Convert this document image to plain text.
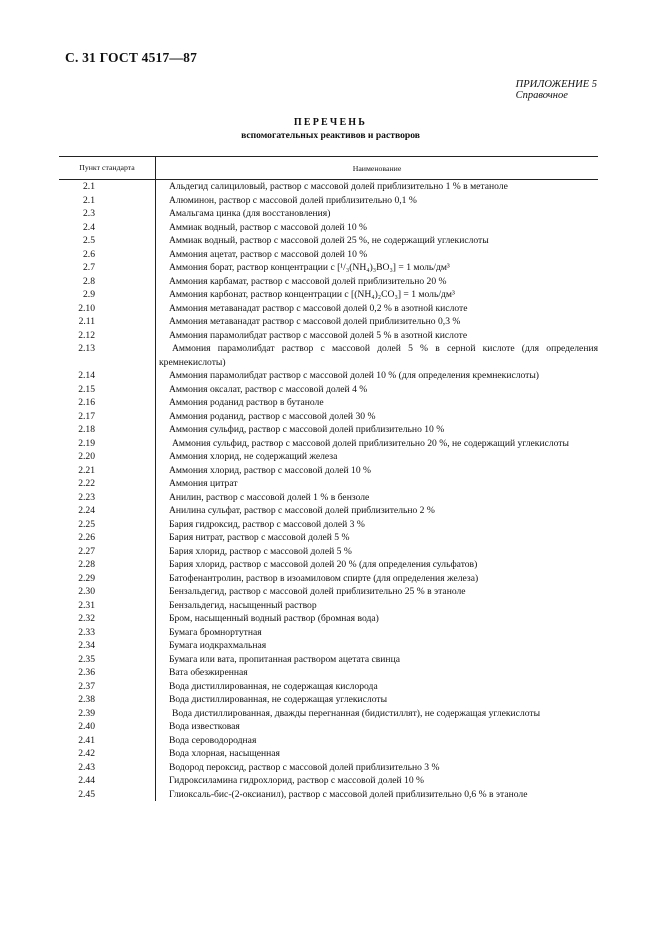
С. 31 ГОСТ 4517—87
ПРИЛОЖЕНИЕ 5
Справочное
ПЕРЕЧЕНЬ
вспомогательных реактивов и растворов
Пункт стандарта	Наименование
2.1	Альдегид салициловый, раствор с массовой долей приблизительно 1 % в метаноле
2.1	Алюминон, раствор с массовой долей приблизительно 0,1 %
2.3	Амальгама цинка (для восстановления)
2.4	Аммиак водный, раствор с массовой долей 10 %
2.5	Аммиак водный, раствор с массовой долей 25 %, не содержащий углекислоты
2.6	Аммония ацетат, раствор с массовой долей 10 %
2.7	Аммония борат, раствор концентрации c [¹/₃(NH₄)₃BO₃] = 1 моль/дм³
2.8	Аммония карбамат, раствор с массовой долей приблизительно 20 %
2.9	Аммония карбонат, раствор концентрации c [(NH₄)₂CO₃] = 1 моль/дм³
2.10	Аммония метаванадат раствор с массовой долей 0,2 % в азотной кислоте
2.11	Аммония метаванадат раствор с массовой долей приблизительно 0,3 %
2.12	Аммония парамолибдат раствор с массовой долей 5 % в азотной кислоте
2.13	Аммония парамолибдат раствор с массовой долей 5 % в серной кислоте (для определения кремнекислоты)
2.14	Аммония парамолибдат раствор с массовой долей 10 % (для определения кремнекислоты)
2.15	Аммония оксалат, раствор с массовой долей 4 %
2.16	Аммония роданид раствор в бутаноле
2.17	Аммония роданид, раствор с массовой долей 30 %
2.18	Аммония сульфид, раствор с массовой долей приблизительно 10 %
2.19	Аммония сульфид, раствор с массовой долей приблизительно 20 %, не содержащий углекислоты
2.20	Аммония хлорид, не содержащий железа
2.21	Аммония хлорид, раствор с массовой долей 10 %
2.22	Аммония цитрат
2.23	Анилин, раствор с массовой долей 1 % в бензоле
2.24	Анилина сульфат, раствор с массовой долей приблизительно 2 %
2.25	Бария гидроксид, раствор с массовой долей 3 %
2.26	Бария нитрат, раствор с массовой долей 5 %
2.27	Бария хлорид, раствор с массовой долей 5 %
2.28	Бария хлорид, раствор с массовой долей 20 % (для определения сульфатов)
2.29	Батофенантролин, раствор в изоамиловом спирте (для определения железа)
2.30	Бензальдегид, раствор с массовой долей приблизительно 25 % в этаноле
2.31	Бензальдегид, насыщенный раствор
2.32	Бром, насыщенный водный раствор (бромная вода)
2.33	Бумага бромнортутная
2.34	Бумага иодкрахмальная
2.35	Бумага или вата, пропитанная раствором ацетата свинца
2.36	Вата обезжиренная
2.37	Вода дистиллированная, не содержащая кислорода
2.38	Вода дистиллированная, не содержащая углекислоты
2.39	Вода дистиллированная, дважды перегнанная (бидистиллят), не содержащая углекислоты
2.40	Вода известковая
2.41	Вода сероводородная
2.42	Вода хлорная, насыщенная
2.43	Водород пероксид, раствор с массовой долей приблизительно 3 %
2.44	Гидроксиламина гидрохлорид, раствор с массовой долей 10 %
2.45	Глиоксаль-бис-(2-оксианил), раствор с массовой долей приблизительно 0,6 % в этаноле
